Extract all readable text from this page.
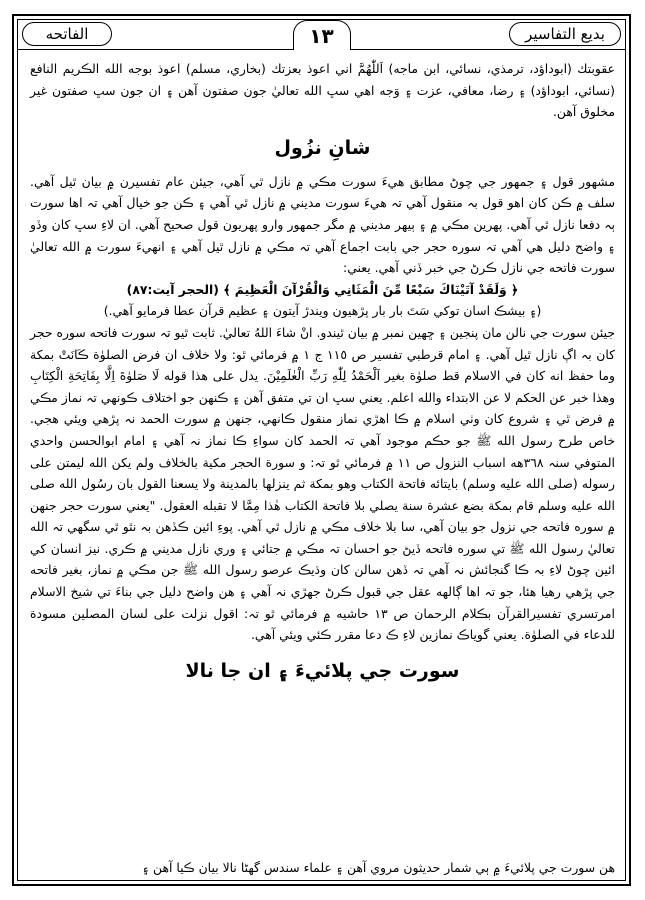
بديع التفاسير
١٣
الفاتحه

عقوبتك (ابوداؤد، ترمذي، نسائي، ابن ماجه) اَللّٰهُمَّ اني اعوذ بعزتك (بخاري، مسلم) اعوذ بوجه الله الڪريم النافع (نسائي، ابوداؤد) ۽ رضا، معافي، عزت ۽ وَجه اهي سڀ الله تعاليٰ جون صفتون آهن ۽ ان جون سڀ صفتون غير مخلوق آهن.

شانِ نزُول

مشهور قول ۽ جمهور جي چوڻ مطابق هيءَ سورت مڪي ۾ نازل ٿي آهي، جيئن عام تفسيرن ۾ بيان ٿيل آهي. سلف ۾ ڪن کان اهو قول بہ منقول آهي تہ هيءَ سورت مديني ۾ نازل ٿي آهي ۽ ڪن جو خيال آهي تہ اها سورت ٻہ دفعا نازل ٿي آهي. پهرين مڪي ۾ ۽ ٻيهر مديني ۾ مگر جمهور وارو پهريون قول صحيح آهي. ان لاءِ سڀ کان وڏو ۽ واضح دليل هي آهي تہ سوره حجر جي بابت اجماع آهي تہ مڪي ۾ نازل ٿيل آهي ۽ انهيءَ سورت ۾ الله تعاليٰ سورت فاتحه جي نازل ڪرڻ جي خبر ڏني آهي. يعني:

﴿ وَلَقَدْ آتَيْنَاكَ سَبْعًا مِّنَ الْمَثَانِي وَالْقُرْآنَ الْعَظِيمَ ﴾ (الحجر آيت:٨٧)

(۽ بيشڪ اسان توکي سَتَ بار بار پڙهيون ويندڙ آيتون ۽ عظيم قرآن عطا فرمايو آهي.)

جيئن سورت جي نالن مان پنجين ۽ ڇهين نمبر ۾ بيان ٿيندو. انْ شاءَ اللهُ تعاليٰ. ثابت ٿيو تہ سورت فاتحه سوره حجر کان بہ اڳ نازل ٿيل آهي. ۽ امام قرطبي تفسير ص ١١٥ ج ١ ۾ فرمائي ٿو: ولا خلاف ان فرض الصلوٰة ڪَانَتْ بمكة وما حفظ انه كان في الاسلام قط صلوٰة بغير اَلْحَمْدُ لِلّٰهِ رَبِّ الْعٰلَمِيْنَ. يدل على هذا قوله لَا صَلوٰةَ اِلَّا بِفَاتِحَةِ الْكِتَابِ وهذا خبر عن الحكم لا عن الابتداء والله اعلم. يعني سڀ ان تي متفق آهن ۽ ڪنهن جو اختلاف ڪونهي تہ نماز مڪي ۾ فرض ٿي ۽ شروع کان وٺي اسلام ۾ ڪا اهڙي نماز منقول ڪانهي، جنهن ۾ سورت الحمد نہ پڙهي ويئي هجي. خاص طرح رسول الله ﷺ جو حڪم موجود آهي تہ الحمد کان سواءِ ڪا نماز نہ آهي ۽ امام ابوالحسن واحدي المتوفي سنہ ٣٦٨هه اسباب النزول ص ١١ ۾ فرمائي ٿو تہ: و سورة الحجر مكية بالخلاف ولم يكن الله ليمتن على رسوله (صلى الله عليه وسلم) بايتائه فاتحة الكتاب وهو بمكة ثم ينزلها بالمدينة ولا يسعنا القول بان رسُول الله صلى الله عليه وسلم قام بمكة بضع عشرة سنة يصلي بلا فاتحة الكتاب هٰذا مِمَّا لا تقبله العقول. "يعني سورت حجر جنهن ۾ سوره فاتحه جي نزول جو بيان آهي، سا بلا خلاف مڪي ۾ نازل ٿي آهي. پوءِ ائين ڪڏهن بہ نٿو ٿي سگهي تہ الله تعاليٰ رسول الله ﷺ تي سوره فاتحه ڏيڻ جو احسان تہ مڪي ۾ جتائي ۽ وري نازل مديني ۾ ڪري. نيز انسان کي ائين چوڻ لاءِ بہ ڪا گنجائش نہ آهي تہ ڏهن سالن کان وڌيڪ عرصو رسول الله ﷺ جن مڪي ۾ نماز، بغير فاتحه جي پڙهي رهيا هئا، جو تہ اها ڳالهه عقل جي قبول ڪرڻ جهڙي نہ آهي ۽ هن واضح دليل جي بناءَ تي شيخ الاسلام امرتسري تفسيرالقرآن بڪلام الرحمان ص ١٣ حاشيه ۾ فرمائي ٿو تہ: اقول نزلت على لسان المصلين مسودة للدعاء في الصلوٰة. يعني گوياڪ نمازين لاءِ ڪ دعا مقرر ڪئي ويئي آهي.

سورت جي پلائيءَ ۽ ان جا نالا
هن سورت جي پلائيءَ ۾ ٻي شمار حديثون مروي آهن ۽ علماء سندس گهڻا نالا بيان ڪيا آهن ۽
